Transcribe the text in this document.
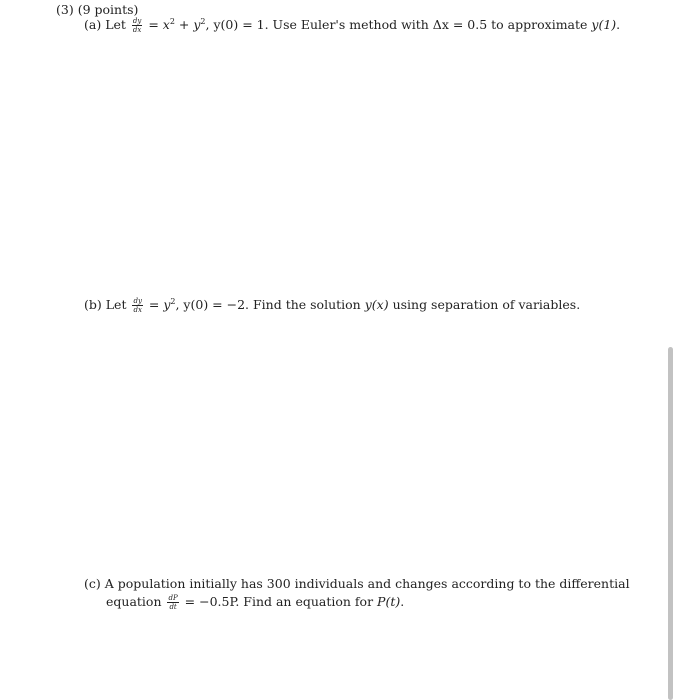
(3) (9 points)
(a) Let $\frac{dy}{dx} = x^2 + y^2$, y(0) = 1. Use Euler's method with Δx = 0.5 to approximate y(1).
(b) Let $\frac{dy}{dx} = y^2$, y(0) = −2. Find the solution y(x) using separation of variables.
(c) A population initially has 300 individuals and changes according to the differential
equation $\frac{dP}{dt} = -0.5P$. Find an equation for P(t).
